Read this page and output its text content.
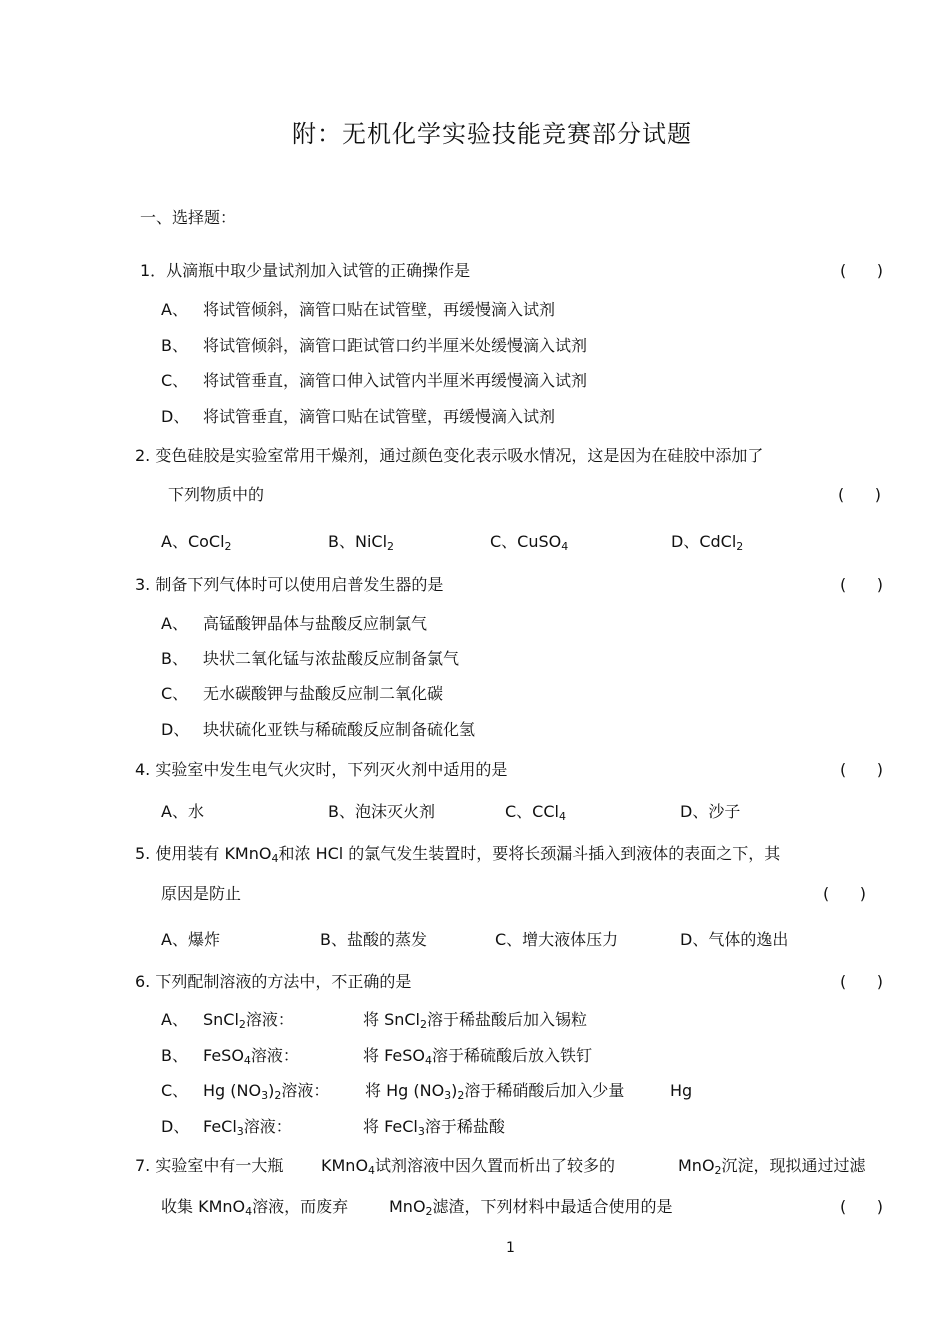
附：无机化学实验技能竞赛部分试题
一、选择题：
1．从滴瓶中取少量试剂加入试管的正确操作是	(      )
A、 将试管倾斜，滴管口贴在试管壁，再缓慢滴入试剂
B、 将试管倾斜，滴管口距试管口约半厘米处缓慢滴入试剂
C、 将试管垂直，滴管口伸入试管内半厘米再缓慢滴入试剂
D、 将试管垂直，滴管口贴在试管壁，再缓慢滴入试剂
2. 变色硅胶是实验室常用干燥剂，通过颜色变化表示吸水情况，这是因为在硅胶中添加了
下列物质中的	(      )
A、CoCl$_2$	B、NiCl$_2$	C、CuSO$_4$	D、CdCl$_2$
3. 制备下列气体时可以使用启普发生器的是	(      )
A、 高锰酸钾晶体与盐酸反应制氯气
B、 块状二氧化锰与浓盐酸反应制备氯气
C、 无水碳酸钾与盐酸反应制二氧化碳
D、 块状硫化亚铁与稀硫酸反应制备硫化氢
4. 实验室中发生电气火灾时，下列灭火剂中适用的是	(      )
A、水	B、泡沫灭火剂	C、CCl$_4$	D、沙子
5. 使用装有 KMnO$_4$和浓 HCl 的氯气发生装置时，要将长颈漏斗插入到液体的表面之下，其
原因是防止	(      )
A、爆炸	B、盐酸的蒸发	C、增大液体压力	D、气体的逸出
6. 下列配制溶液的方法中，不正确的是	(      )
A、 SnCl$_2$溶液：	将 SnCl$_2$溶于稀盐酸后加入锡粒
B、 FeSO$_4$溶液：	将 FeSO$_4$溶于稀硫酸后放入铁钉
C、 Hg $(NO_3)_2$溶液： 将 Hg $(NO_3)_2$溶于稀硝酸后加入少量	Hg
D、 FeCl$_3$溶液：	将 FeCl$_3$溶于稀盐酸
7. 实验室中有一大瓶 KMnO$_4$试剂溶液中因久置而析出了较多的	MnO$_2$沉淀，现拟通过过滤
收集 KMnO$_4$溶液，而废弃	MnO$_2$滤渣，下列材料中最适合使用的是	(      )
1
